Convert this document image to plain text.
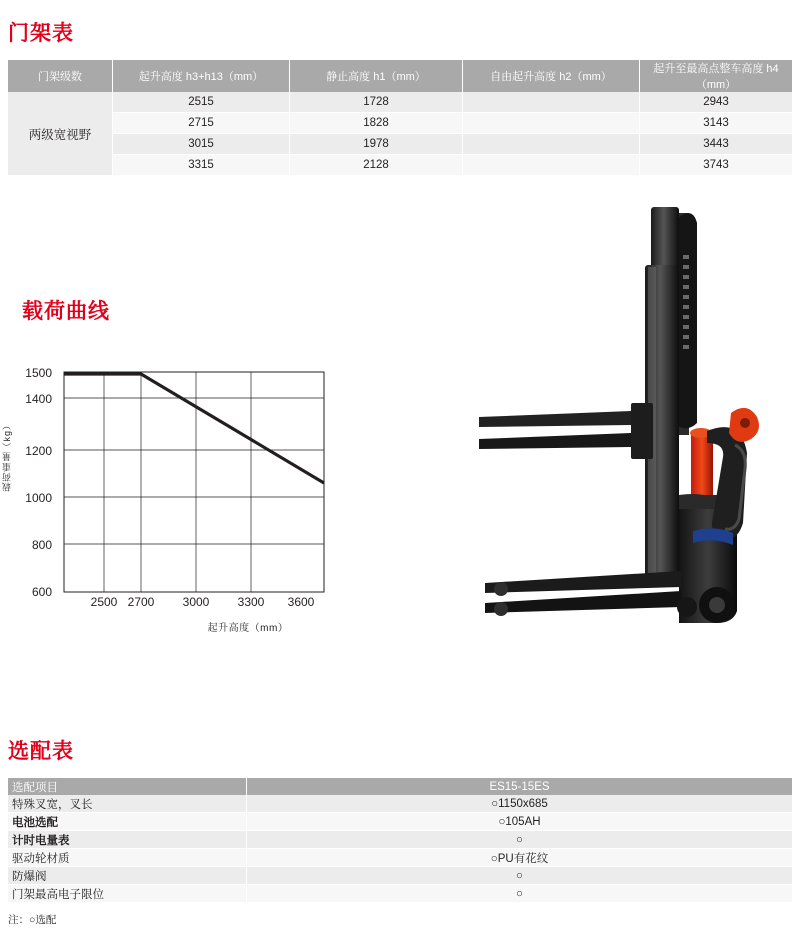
门架表
门架级数	起升高度 h3+h13（mm）	静止高度 h1（mm）	自由起升高度 h2（mm）	起升至最高点整车高度 h4（mm）
两级宽视野	2515	1728		2943
	2715	1828		3143
	3015	1978		3443
	3315	2128		3743
载荷曲线
载荷重量（kg）
1500
1400
1200
1000
800
600
2500 2700	3000	3300	3600
起升高度（mm）
选配表
选配项目	ES15-15ES
特殊叉宽，叉长	○1150x685
电池选配	○105AH
计时电量表	○
驱动轮材质	○PU有花纹
防爆阀	○
门架最高电子限位	○
注：○选配
